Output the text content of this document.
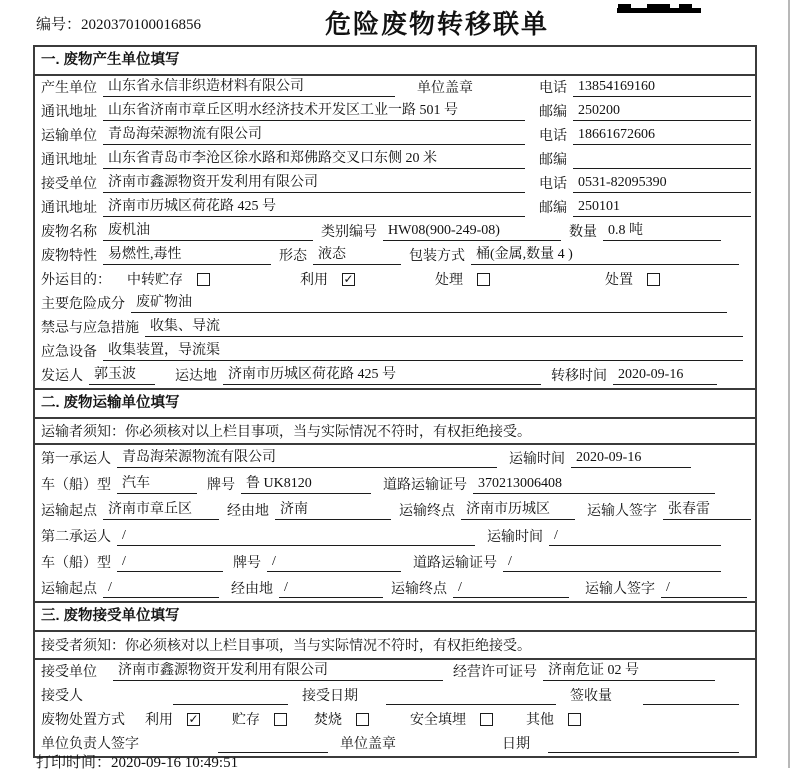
编号：2020370100016856	危险废物转移联单
一. 废物产生单位填写
产生单位 山东省永信非织造材料有限公司	单位盖章	电话 13854169160
通讯地址 山东省济南市章丘区明水经济技术开发区工业一路 501 号	邮编 250200
运输单位 青岛海荣源物流有限公司	电话 18661672606
通讯地址 山东省青岛市李沧区徐水路和郑佛路交叉口东侧 20 米	邮编
接受单位 济南市鑫源物资开发利用有限公司	电话 0531-82095390
通讯地址 济南市历城区荷花路 425 号	邮编 250101
废物名称 废机油	类别编号 HW08(900-249-08)	数量 0.8 吨
废物特性 易燃性,毒性	形态 液态	包装方式 桶(金属,数量 4 )
外运目的： 中转贮存	利用 ✓	处理	处置
主要危险成分 废矿物油
禁忌与应急措施 收集、导流
应急设备 收集装置，导流渠
发运人 郭玉波	运达地 济南市历城区荷花路 425 号	转移时间 2020-09-16
二. 废物运输单位填写
运输者须知：你必须核对以上栏目事项，当与实际情况不符时，有权拒绝接受。
第一承运人 青岛海荣源物流有限公司	运输时间 2020-09-16
车（船）型 汽车	牌号 鲁 UK8120	道路运输证号 370213006408
运输起点 济南市章丘区	经由地 济南	运输终点 济南市历城区	运输人签字 张春雷
第二承运人 /	运输时间 /
车（船）型 /	牌号 /	道路运输证号 /
运输起点 /	经由地 /	运输终点 /	运输人签字 /
三. 废物接受单位填写
接受者须知：你必须核对以上栏目事项，当与实际情况不符时，有权拒绝接受。
接受单位	济南市鑫源物资开发利用有限公司	经营许可证号 济南危证 02 号
接受人	接受日期	签收量
废物处置方式 利用 ✓ 贮存	焚烧	安全填埋	其他
单位负责人签字	单位盖章	日期
打印时间：2020-09-16 10:49:51
